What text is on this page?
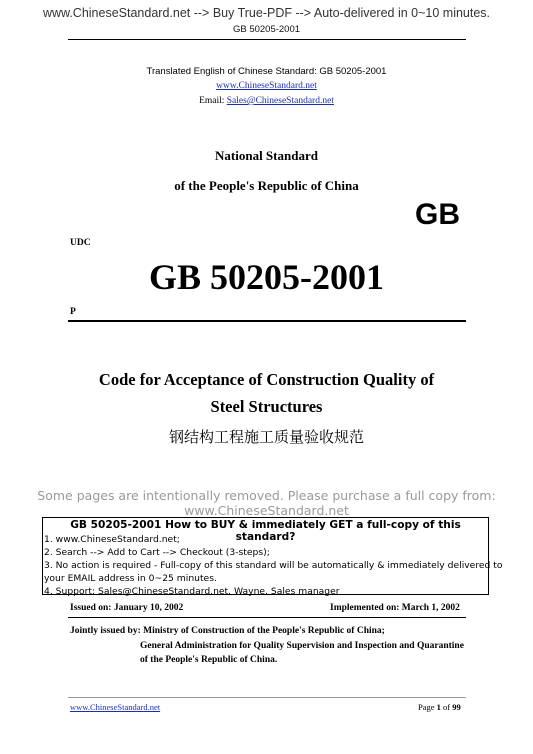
www.ChineseStandard.net --> Buy True-PDF --> Auto-delivered in 0~10 minutes.
GB 50205-2001
Translated English of Chinese Standard: GB 50205-2001
www.ChineseStandard.net
Email: Sales@ChineseStandard.net
National Standard
of the People's Republic of China
GB
UDC
GB 50205-2001
P
Code for Acceptance of Construction Quality of
Steel Structures
钢结构工程施工质量验收规范
Some pages are intentionally removed. Please purchase a full copy from:
www.ChineseStandard.net
GB 50205-2001 How to BUY & immediately GET a full-copy of this standard?
1. www.ChineseStandard.net;
2. Search --> Add to Cart --> Checkout (3-steps);
3. No action is required - Full-copy of this standard will be automatically & immediately delivered to
your EMAIL address in 0~25 minutes.
4. Support: Sales@ChineseStandard.net. Wayne, Sales manager
Issued on: January 10, 2002	Implemented on: March 1, 2002
Jointly issued by: Ministry of Construction of the People's Republic of China;
General Administration for Quality Supervision and Inspection and Quarantine
of the People's Republic of China.
www.ChineseStandard.net	Page 1 of 99
